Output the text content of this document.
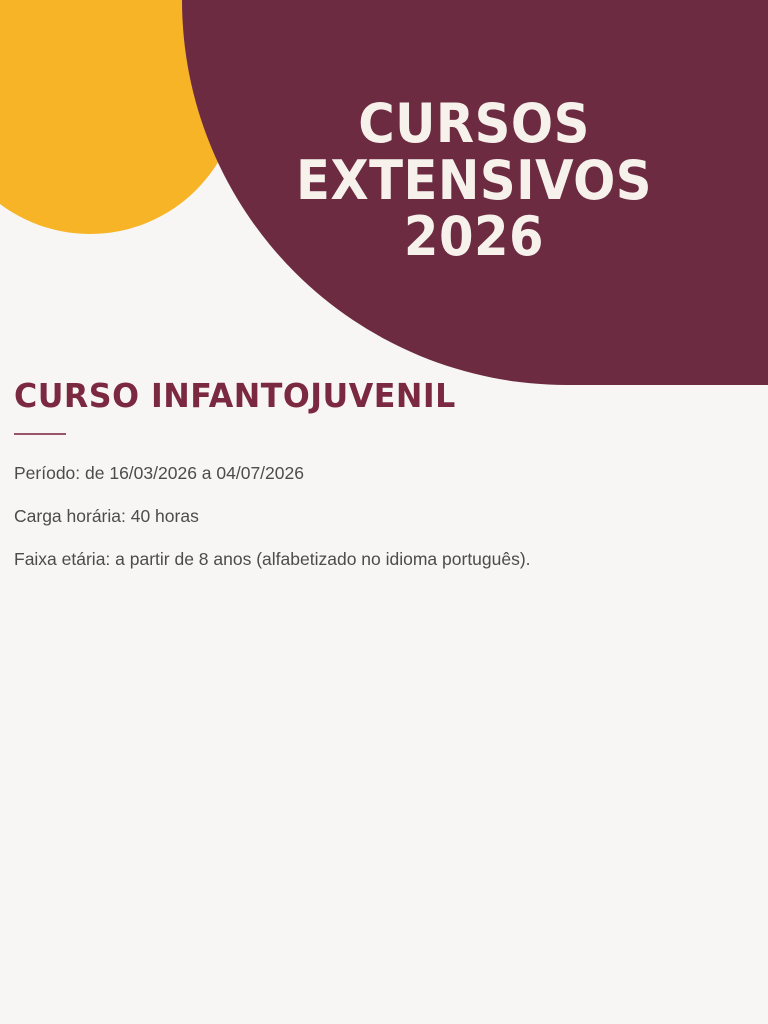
CURSOS EXTENSIVOS
2026
CURSO INFANTOJUVENIL

Período: de 16/03/2026 a 04/07/2026

Carga horária: 40 horas

Faixa etária: a partir de 8 anos (alfabetizado no idioma português).
